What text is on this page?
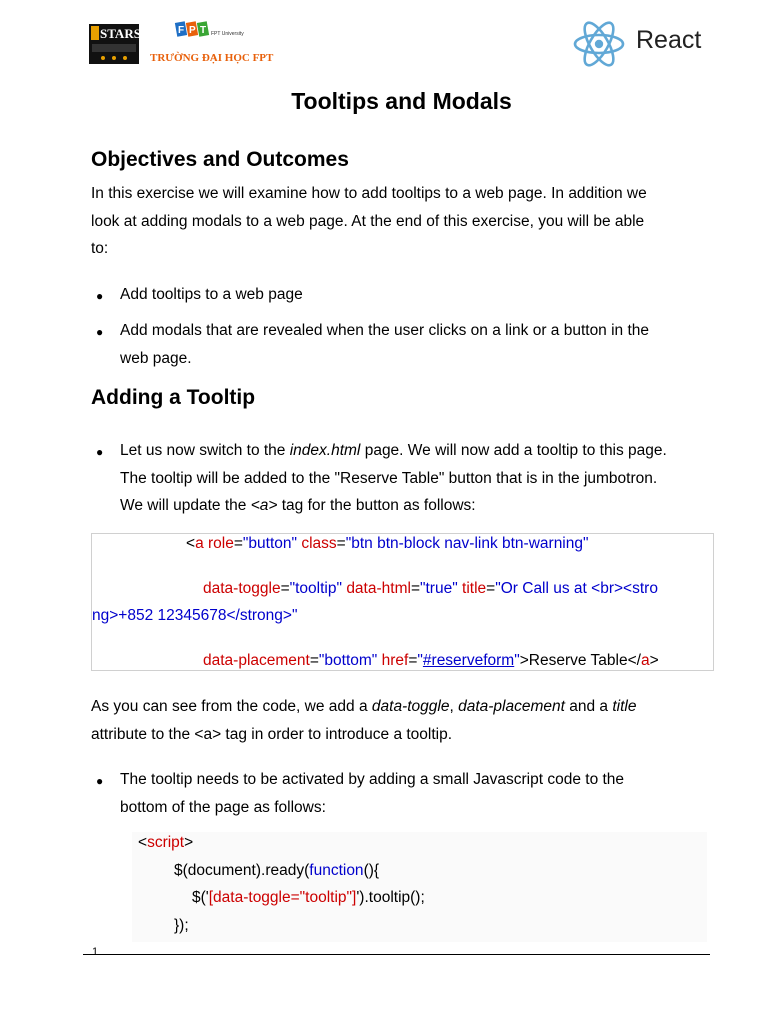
STARS	F P T FPT University
TRƯỜNG ĐẠI HỌC FPT
React
Tooltips and Modals
Objectives and Outcomes

In this exercise we will examine how to add tooltips to a web page. In addition we

look at adding modals to a web page. At the end of this exercise, you will be able

to:

● Add tooltips to a web page

● Add modals that are revealed when the user clicks on a link or a button in the

web page.

Adding a Tooltip
● Let us now switch to the index.html page. We will now add a tooltip to this page.

The tooltip will be added to the "Reserve Table" button that is in the jumbotron.

We will update the <a> tag for the button as follows:

<a role="button" class="btn btn-block nav-link btn-warning"
data-toggle="tooltip" data-html="true" title="Or Call us at <br><stro
ng>+852 12345678</strong>"
data-placement="bottom" href="#reserveform">Reserve Table</a>

As you can see from the code, we add a data-toggle, data-placement and a title

attribute to the <a> tag in order to introduce a tooltip.

● The tooltip needs to be activated by adding a small Javascript code to the

bottom of the page as follows:

<script>
$(document).ready(function(){
$('[data-toggle="tooltip"]').tooltip();
});
1
